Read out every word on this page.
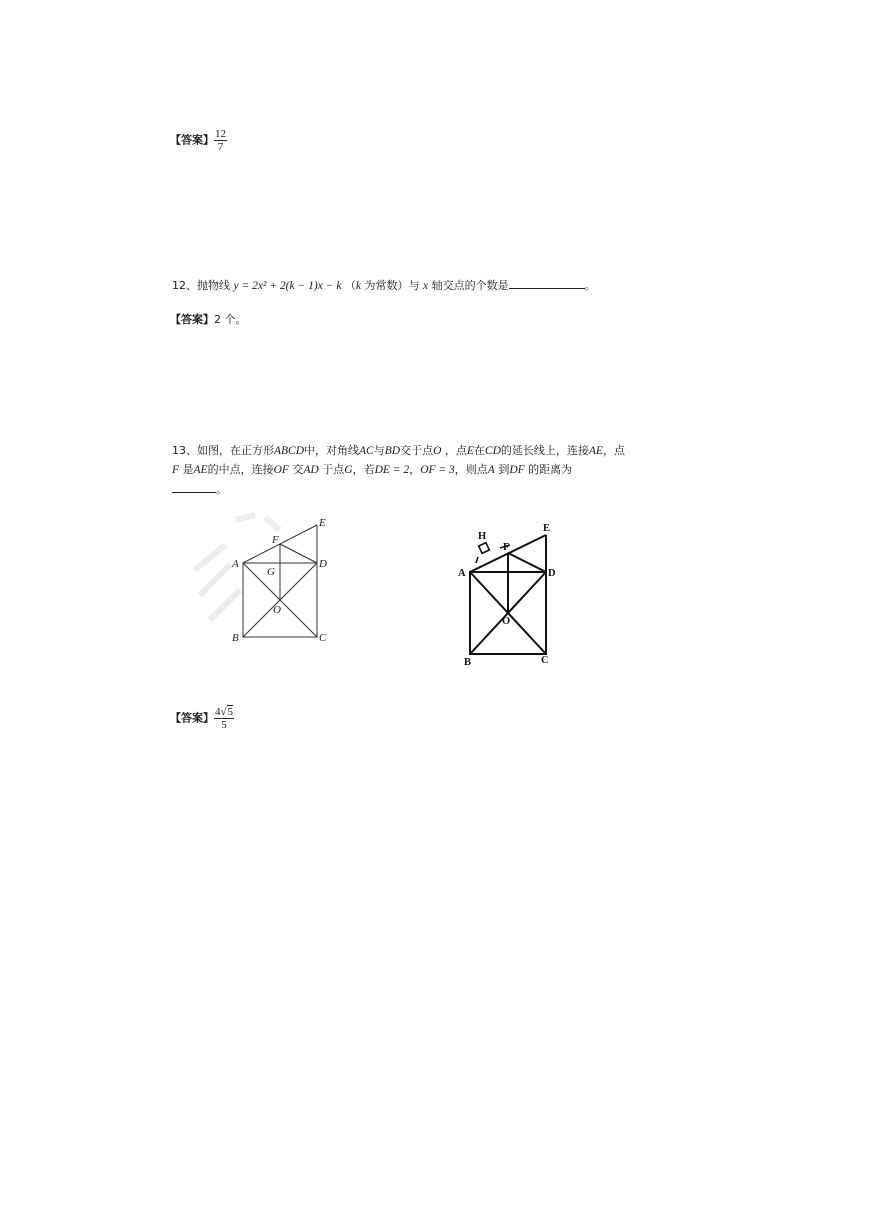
【答案】 $\frac{12}{7}$
12、抛物线 y = 2x² + 2(k − 1)x − k （k 为常数）与 x 轴交点的个数是	。
【答案】2 个。
13、如图，在正方形ABCD中，对角线AC与BD交于点O ，点E在CD的延长线上，连接AE，点
F 是AE的中点，连接OF 交AD 于点G，若DE = 2，OF = 3，则点A 到DF 的距离为
。
E
F
A
G
D
O
B	C
E
F
H
A	D
O
B	C
【答案】 $\frac{4√5}{5}$
